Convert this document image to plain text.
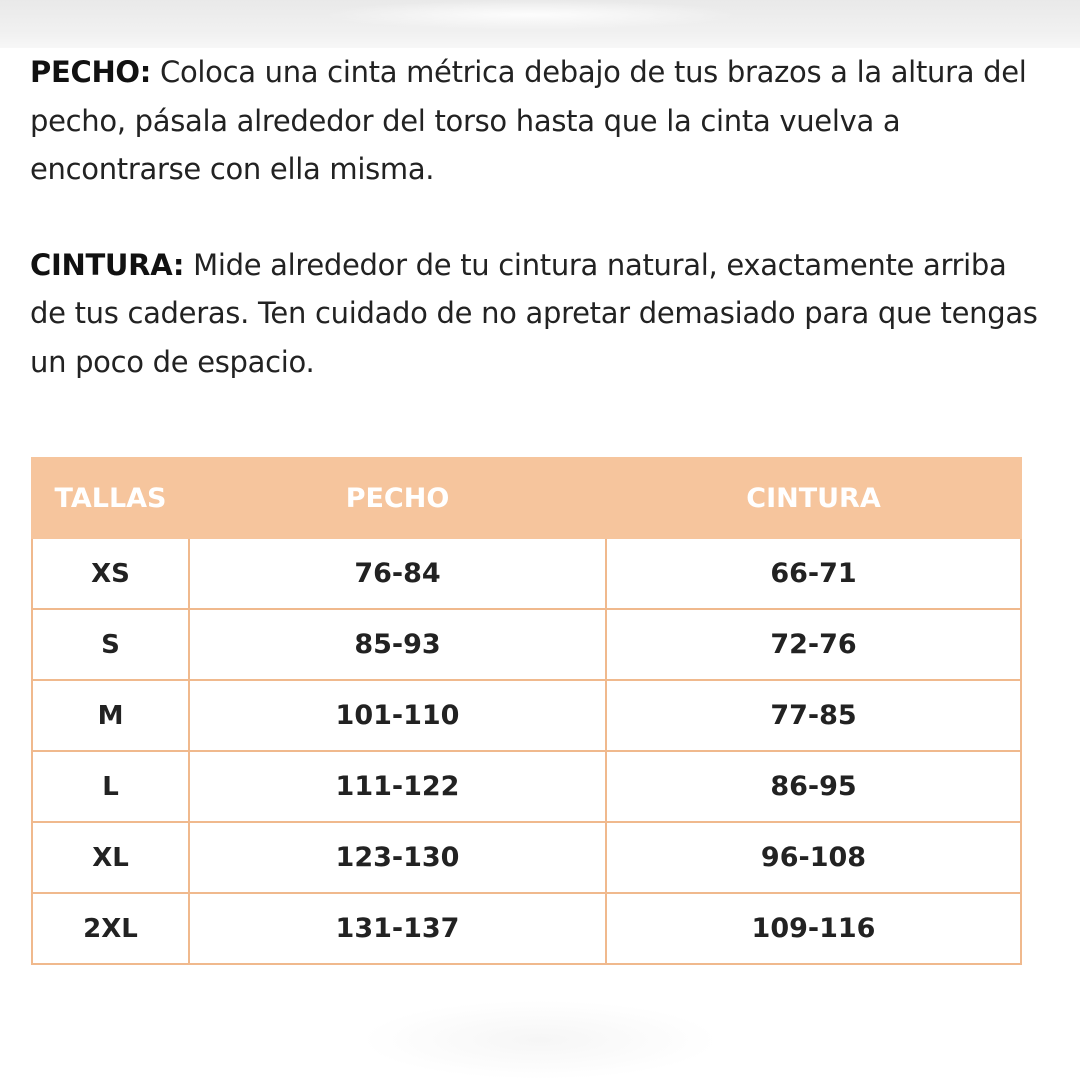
PECHO: Coloca una cinta métrica debajo de tus brazos a la altura del pecho, pásala alrededor del torso hasta que la cinta vuelva a encontrarse con ella misma.

CINTURA: Mide alrededor de tu cintura natural, exactamente arriba de tus caderas. Ten cuidado de no apretar demasiado para que tengas un poco de espacio.

TALLAS	PECHO	CINTURA
XS	76-84	66-71
S	85-93	72-76
M	101-110	77-85
L	111-122	86-95
XL	123-130	96-108
2XL	131-137	109-116
